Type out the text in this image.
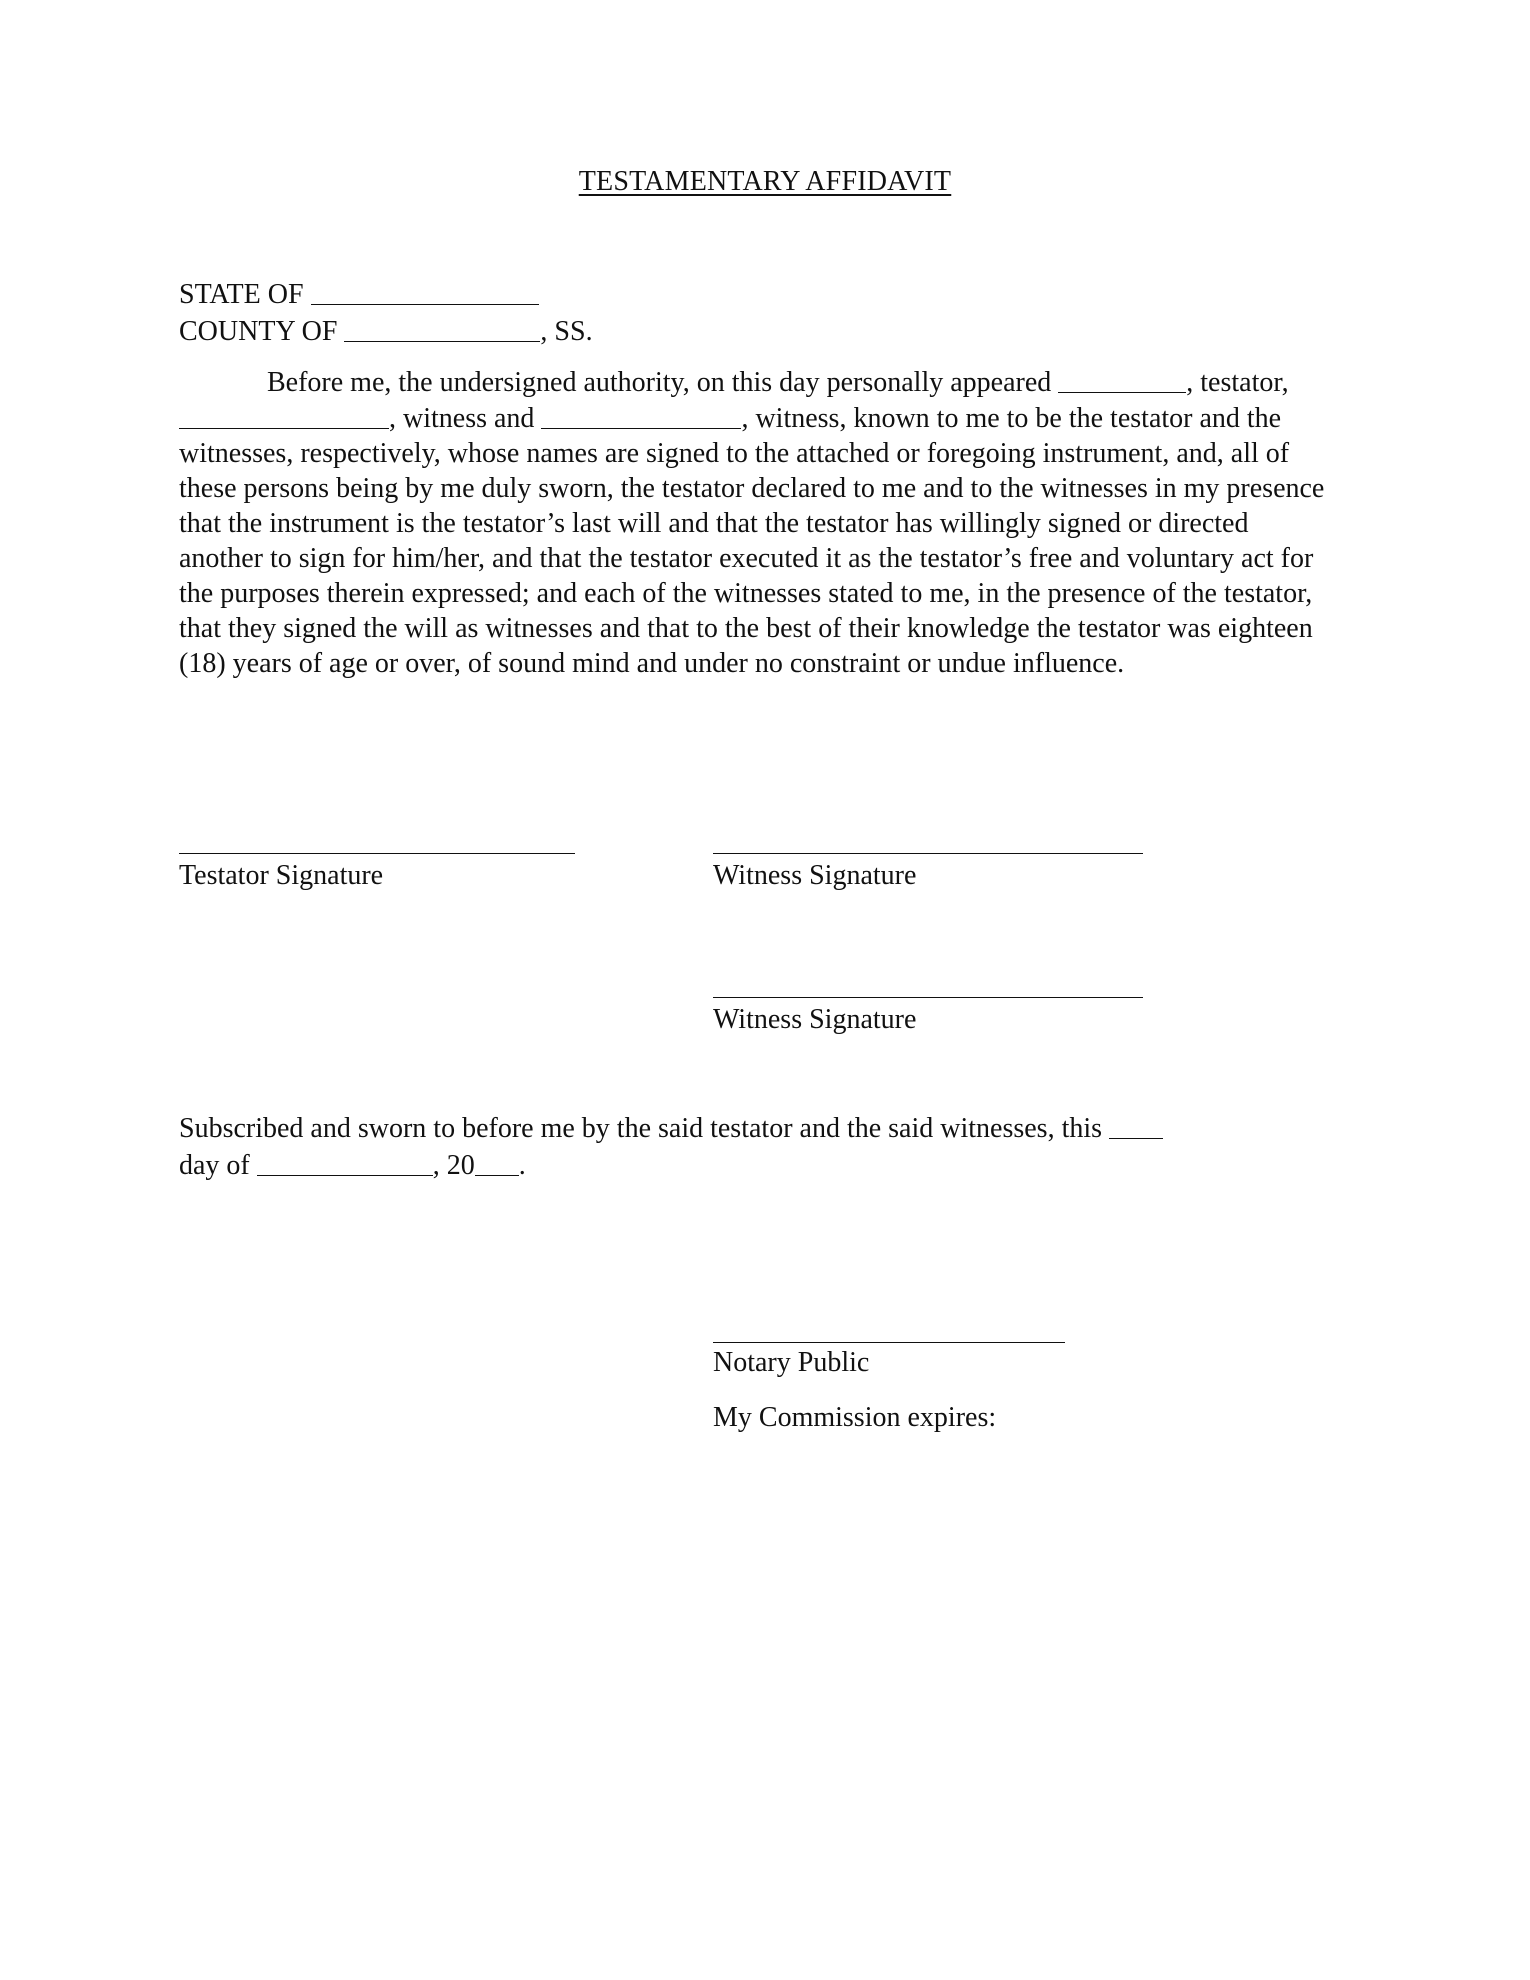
TESTAMENTARY AFFIDAVIT
STATE OF
COUNTY OF	, SS.

Before me, the undersigned authority, on this day personally appeared	, testator, , witness and	, witness, known to me to be the testator and the witnesses, respectively, whose names are signed to the attached or foregoing instrument, and, all of these persons being by me duly sworn, the testator declared to me and to the witnesses in my presence that the instrument is the testator’s last will and that the testator has willingly signed or directed another to sign for him/her, and that the testator executed it as the testator’s free and voluntary act for the purposes therein expressed; and each of the witnesses stated to me, in the presence of the testator, that they signed the will as witnesses and that to the best of their knowledge the testator was eighteen (18) years of age or over, of sound mind and under no constraint or undue influence.

Testator Signature	Witness Signature
Witness Signature
Subscribed and sworn to before me by the said testator and the said witnesses, this
day of	, 20 .
Notary Public
My Commission expires:
